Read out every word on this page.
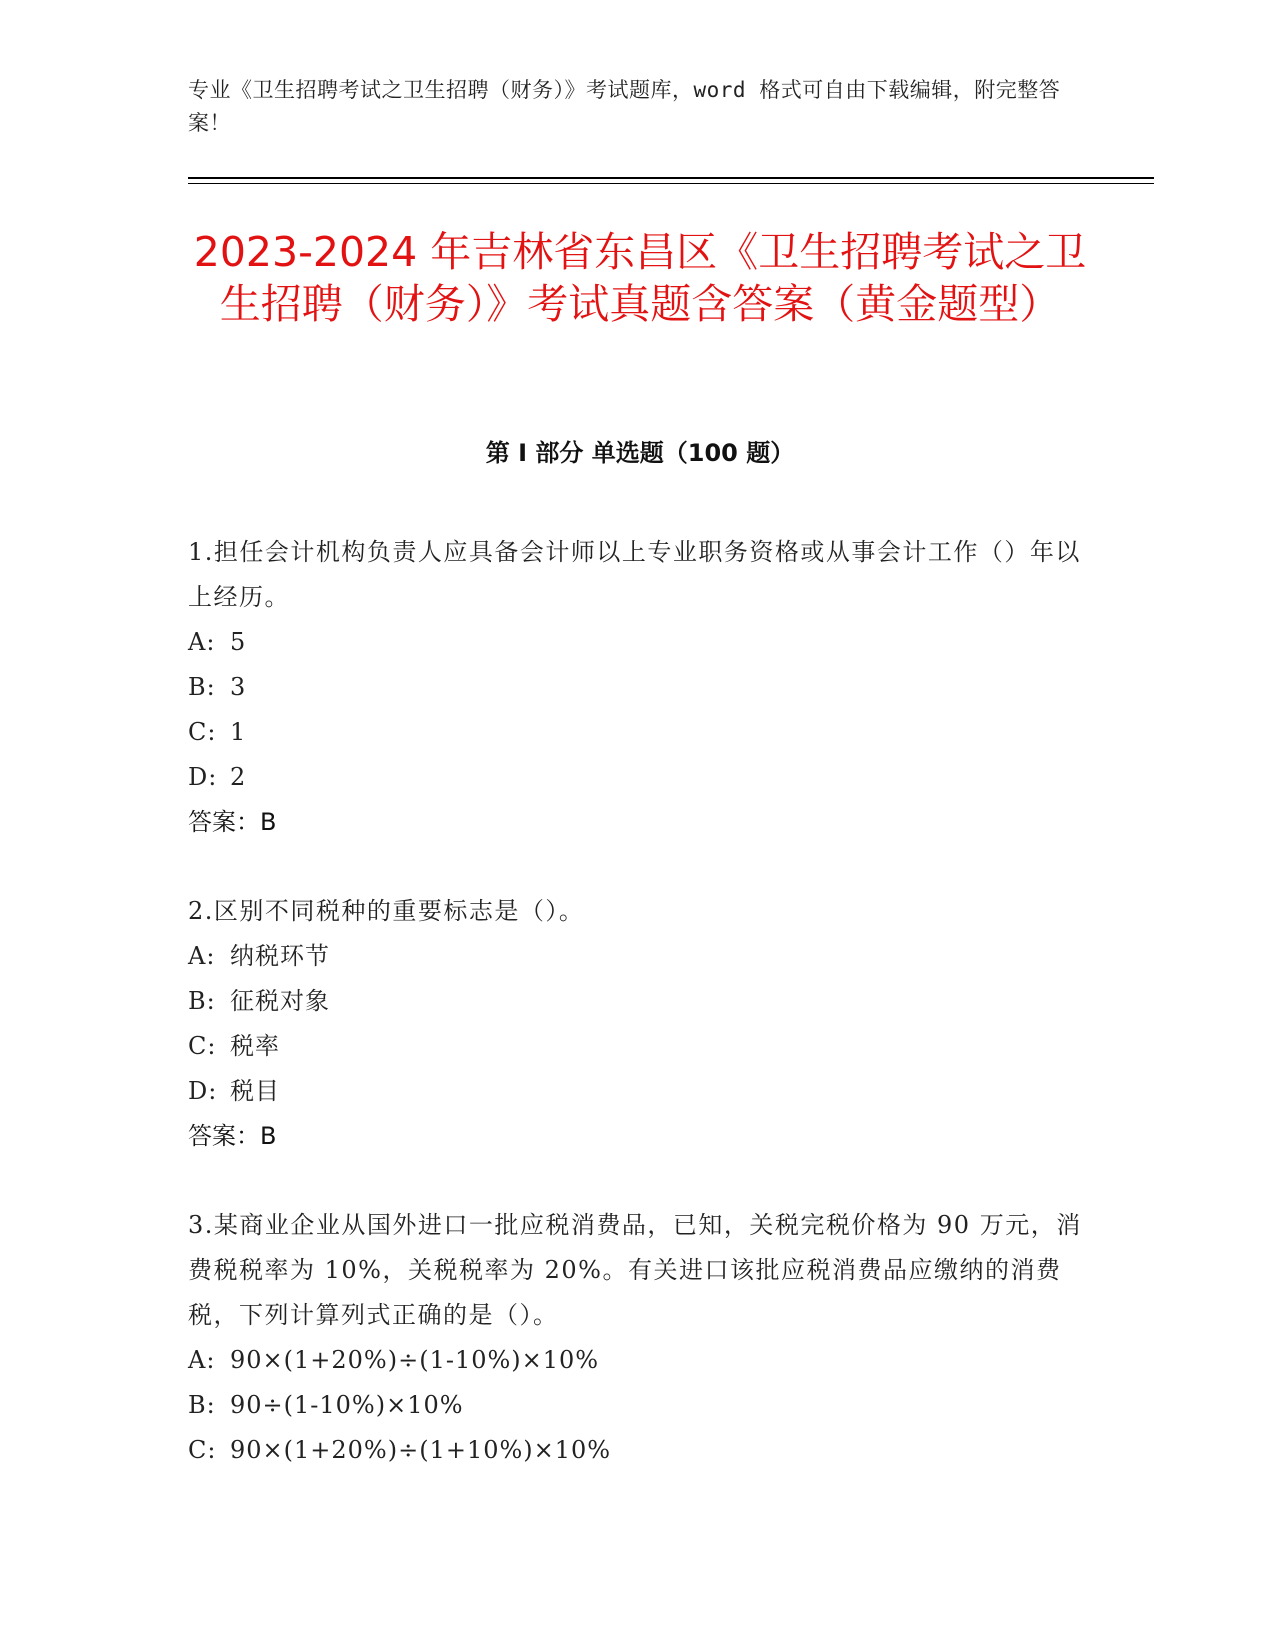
专业《卫生招聘考试之卫生招聘（财务）》考试题库，word 格式可自由下载编辑，附完整答案！
2023-2024 年吉林省东昌区《卫生招聘考试之卫生招聘（财务）》考试真题含答案（黄金题型）
第 I 部分 单选题（100 题）
1.担任会计机构负责人应具备会计师以上专业职务资格或从事会计工作（）年以上经历。
A: 5
B: 3
C: 1
D: 2
答案：B
2.区别不同税种的重要标志是（）。
A: 纳税环节
B: 征税对象
C: 税率
D: 税目
答案：B
3.某商业企业从国外进口一批应税消费品，已知，关税完税价格为 90 万元，消费税税率为 10%，关税税率为 20%。有关进口该批应税消费品应缴纳的消费税，下列计算列式正确的是（）。
A: 90×(1+20%)÷(1-10%)×10%
B: 90÷(1-10%)×10%
C: 90×(1+20%)÷(1+10%)×10%
